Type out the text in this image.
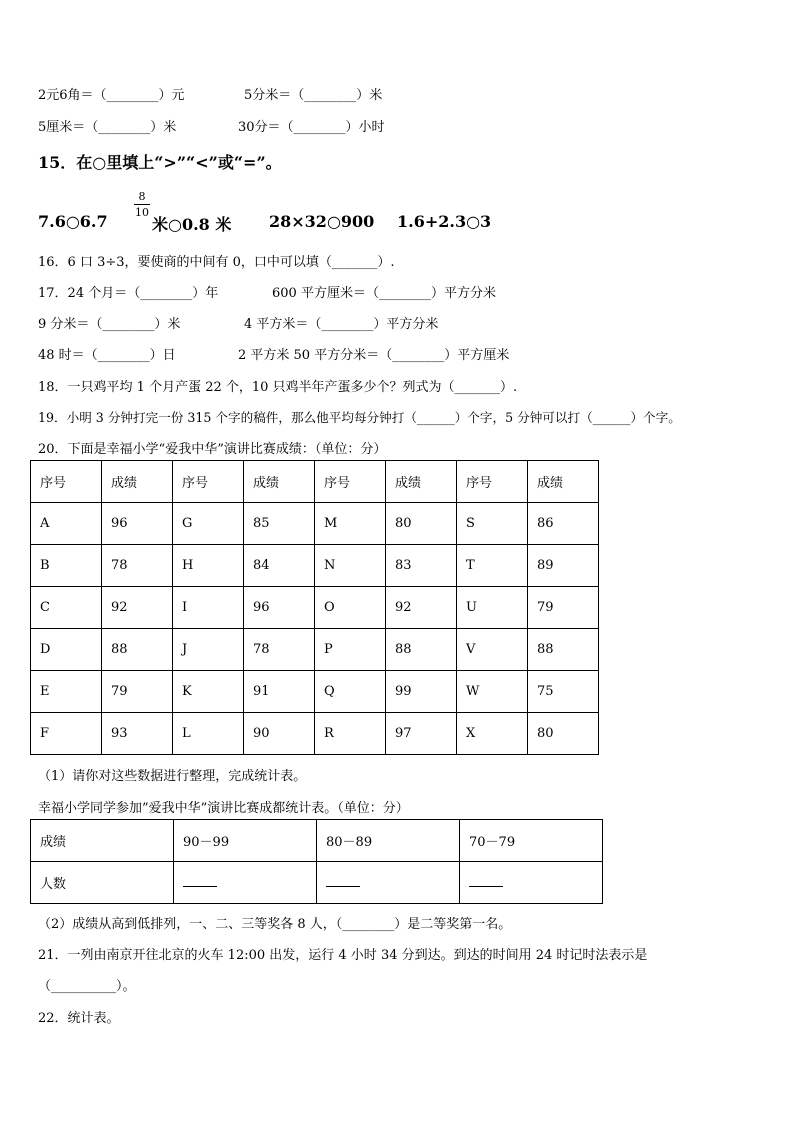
2元6角＝（________）元	5分米＝（________）米
5厘米＝（________）米	30分＝（________）小时
15．在○里填上“>”“<”或“=”。
7.6○6.7
8
10
米○0.8 米 28×32○900 1.6+2.3○3
16．6 口 3÷3，要使商的中间有 0，口中可以填（_______）.
17．24 个月＝（________）年	600 平方厘米＝（________）平方分米
9 分米＝（________）米	4 平方米＝（________）平方分米
48 时＝（________）日	2 平方米 50 平方分米＝（________）平方厘米
18．一只鸡平均 1 个月产蛋 22 个，10 只鸡半年产蛋多少个？列式为（_______）.
19．小明 3 分钟打完一份 315 个字的稿件，那么他平均每分钟打（______）个字，5 分钟可以打（______）个字。
20．下面是幸福小学“爱我中华”演讲比赛成绩：（单位：分）
序号	成绩	序号	成绩	序号	成绩	序号	成绩
A	96	G	85	M	80	S	86
B	78	H	84	N	83	T	89
C	92	I	96	O	92	U	79
D	88	J	78	P	88	V	88
E	79	K	91	Q	99	W	75
F	93	L	90	R	97	X	80
（1）请你对这些数据进行整理，完成统计表。
幸福小学同学参加”爱我中华”演讲比赛成都统计表。（单位：分）
成绩	90－99	80－89	70－79
人数			
（2）成绩从高到低排列，一、二、三等奖各 8 人，（________）是二等奖第一名。
21．一列由南京开往北京的火车 12:00 出发，运行 4 小时 34 分到达。到达的时间用 24 时记时法表示是
（__________）。
22．统计表。
